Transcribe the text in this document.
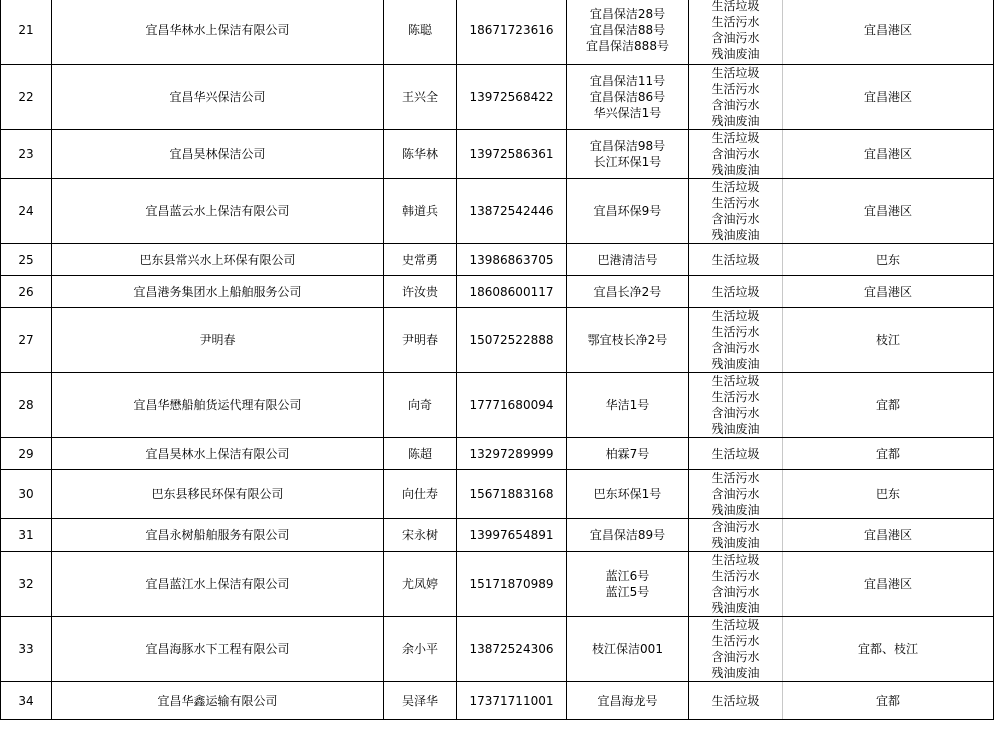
21	宜昌华林水上保洁有限公司	陈聪	18671723616	宜昌保洁28号
宜昌保洁88号
宜昌保洁888号	生活垃圾
生活污水
含油污水
残油废油	宜昌港区
22	宜昌华兴保洁公司	王兴全	13972568422	宜昌保洁11号
宜昌保洁86号
华兴保洁1号	生活垃圾
生活污水
含油污水
残油废油	宜昌港区
23	宜昌昊林保洁公司	陈华林	13972586361	宜昌保洁98号
长江环保1号	生活垃圾
含油污水
残油废油	宜昌港区
24	宜昌蓝云水上保洁有限公司	韩道兵	13872542446	宜昌环保9号	生活垃圾
生活污水
含油污水
残油废油	宜昌港区
25	巴东县常兴水上环保有限公司	史常勇	13986863705	巴港清洁号	生活垃圾	巴东
26	宜昌港务集团水上船舶服务公司	许汝贵	18608600117	宜昌长净2号	生活垃圾	宜昌港区
27	尹明春	尹明春	15072522888	鄂宜枝长净2号	生活垃圾
生活污水
含油污水
残油废油	枝江
28	宜昌华懋船舶货运代理有限公司	向奇	17771680094	华洁1号	生活垃圾
生活污水
含油污水
残油废油	宜都
29	宜昌昊林水上保洁有限公司	陈超	13297289999	柏霖7号	生活垃圾	宜都
30	巴东县移民环保有限公司	向仕寿	15671883168	巴东环保1号	生活污水
含油污水
残油废油	巴东
31	宜昌永树船舶服务有限公司	宋永树	13997654891	宜昌保洁89号	含油污水
残油废油	宜昌港区
32	宜昌蓝江水上保洁有限公司	尤凤婷	15171870989	蓝江6号
蓝江5号	生活垃圾
生活污水
含油污水
残油废油	宜昌港区
33	宜昌海豚水下工程有限公司	余小平	13872524306	枝江保洁001	生活垃圾
生活污水
含油污水
残油废油	宜都、枝江
34	宜昌华鑫运输有限公司	吴泽华	17371711001	宜昌海龙号	生活垃圾	宜都
